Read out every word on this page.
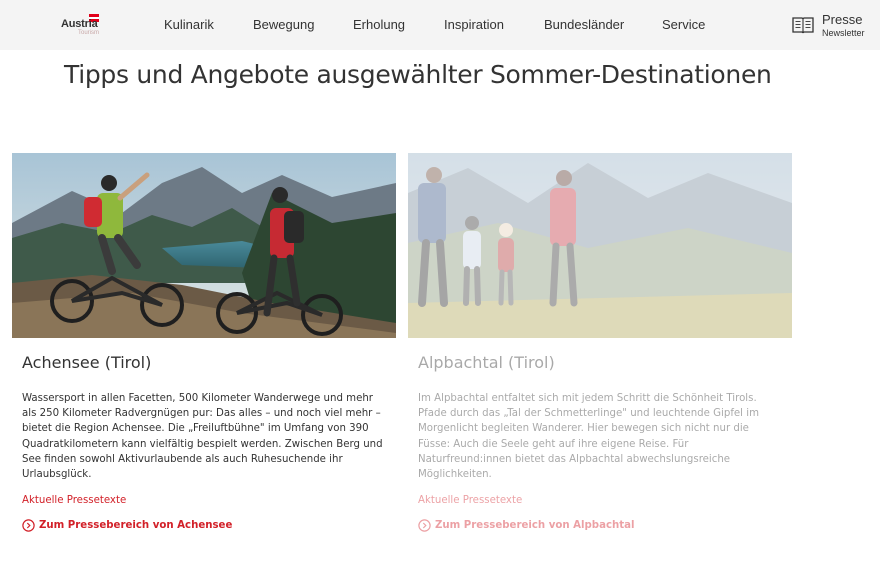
Austria
Tourism
Kulinarik	Bewegung	Erholung	Inspiration	Bundesländer	Service	Presse
Newsletter
Tipps und Angebote ausgewählter Sommer-Destinationen
Achensee (Tirol)
Wassersport in allen Facetten, 500 Kilometer Wanderwege und mehr als 250 Kilometer Radvergnügen pur: Das alles – und noch viel mehr – bietet die Region Achensee. Die „Freiluftbühne" im Umfang von 390 Quadratkilometern kann vielfältig bespielt werden. Zwischen Berg und See finden sowohl Aktivurlaubende als auch Ruhesuchende ihr Urlaubsglück.
Aktuelle Pressetexte
Zum Pressebereich von Achensee
Alpbachtal (Tirol)
Im Alpbachtal entfaltet sich mit jedem Schritt die Schönheit Tirols. Pfade durch das „Tal der Schmetterlinge" und leuchtende Gipfel im Morgenlicht begleiten Wanderer. Hier bewegen sich nicht nur die Füsse: Auch die Seele geht auf ihre eigene Reise. Für Naturfreund:innen bietet das Alpbachtal abwechslungsreiche Möglichkeiten.
Aktuelle Pressetexte
Zum Pressebereich von Alpbachtal
